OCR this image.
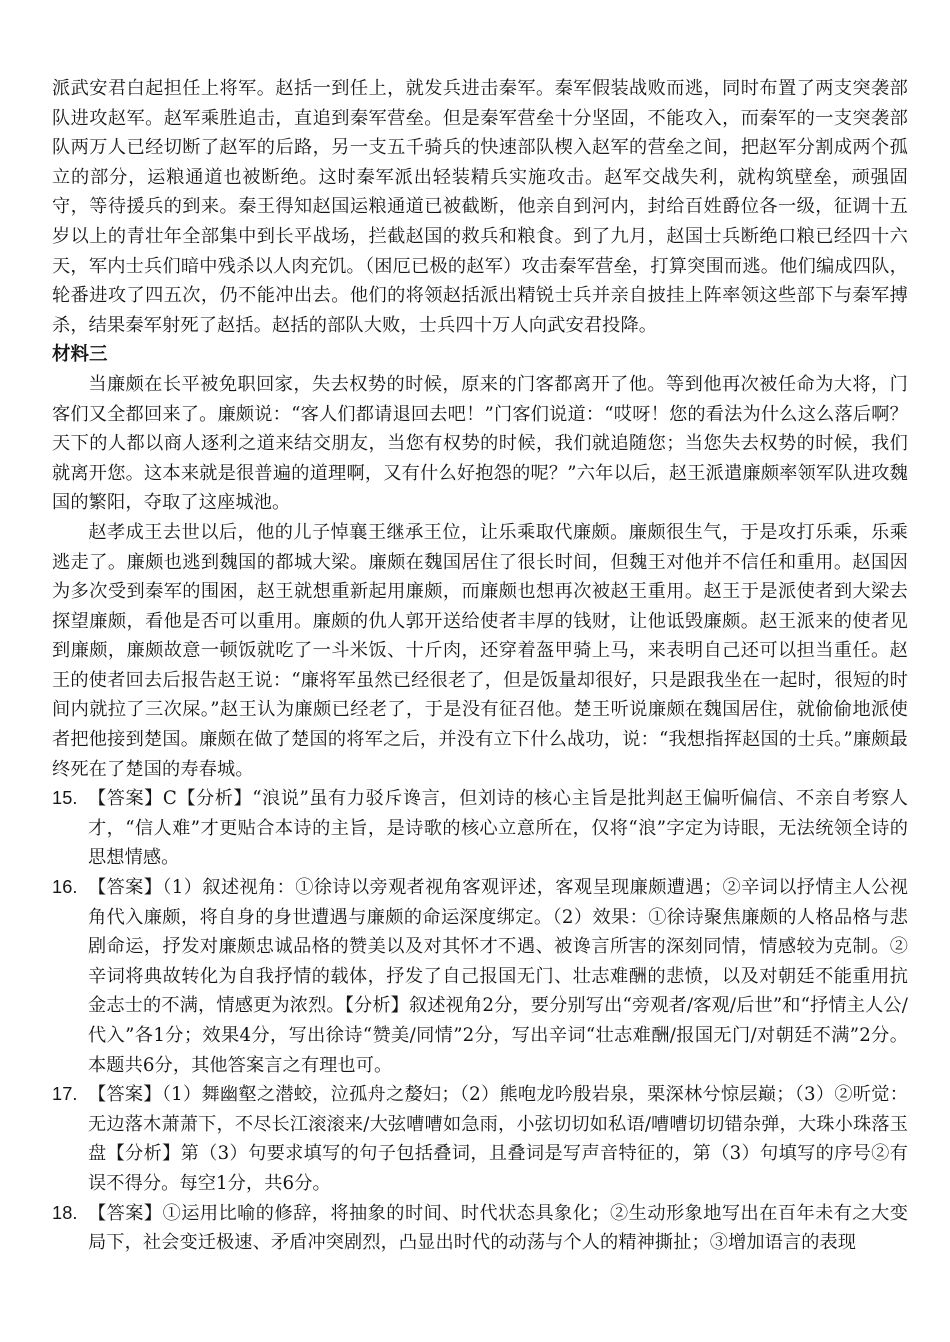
派武安君白起担任上将军。赵括一到任上，就发兵进击秦军。秦军假装战败而逃，同时布置了两支突袭部队进攻赵军。赵军乘胜追击，直追到秦军营垒。但是秦军营垒十分坚固，不能攻入，而秦军的一支突袭部队两万人已经切断了赵军的后路，另一支五千骑兵的快速部队楔入赵军的营垒之间，把赵军分割成两个孤立的部分，运粮通道也被断绝。这时秦军派出轻装精兵实施攻击。赵军交战失利，就构筑壁垒，顽强固守，等待援兵的到来。秦王得知赵国运粮通道已被截断，他亲自到河内，封给百姓爵位各一级，征调十五岁以上的青壮年全部集中到长平战场，拦截赵国的救兵和粮食。到了九月，赵国士兵断绝口粮已经四十六天，军内士兵们暗中残杀以人肉充饥。（困厄已极的赵军）攻击秦军营垒，打算突围而逃。他们编成四队，轮番进攻了四五次，仍不能冲出去。他们的将领赵括派出精锐士兵并亲自披挂上阵率领这些部下与秦军搏杀，结果秦军射死了赵括。赵括的部队大败，士兵四十万人向武安君投降。

材料三

当廉颇在长平被免职回家，失去权势的时候，原来的门客都离开了他。等到他再次被任命为大将，门客们又全都回来了。廉颇说：“客人们都请退回去吧！”门客们说道：“哎呀！您的看法为什么这么落后啊？天下的人都以商人逐利之道来结交朋友，当您有权势的时候，我们就追随您；当您失去权势的时候，我们就离开您。这本来就是很普遍的道理啊，又有什么好抱怨的呢？”六年以后，赵王派遣廉颇率领军队进攻魏国的繁阳，夺取了这座城池。

赵孝成王去世以后，他的儿子悼襄王继承王位，让乐乘取代廉颇。廉颇很生气，于是攻打乐乘，乐乘逃走了。廉颇也逃到魏国的都城大梁。廉颇在魏国居住了很长时间，但魏王对他并不信任和重用。赵国因为多次受到秦军的围困，赵王就想重新起用廉颇，而廉颇也想再次被赵王重用。赵王于是派使者到大梁去探望廉颇，看他是否可以重用。廉颇的仇人郭开送给使者丰厚的钱财，让他诋毁廉颇。赵王派来的使者见到廉颇，廉颇故意一顿饭就吃了一斗米饭、十斤肉，还穿着盔甲骑上马，来表明自己还可以担当重任。赵王的使者回去后报告赵王说：“廉将军虽然已经很老了，但是饭量却很好，只是跟我坐在一起时，很短的时间内就拉了三次屎。”赵王认为廉颇已经老了，于是没有征召他。楚王听说廉颇在魏国居住，就偷偷地派使者把他接到楚国。廉颇在做了楚国的将军之后，并没有立下什么战功，说：“我想指挥赵国的士兵。”廉颇最终死在了楚国的寿春城。

15. 【答案】C【分析】“浪说”虽有力驳斥谗言，但刘诗的核心主旨是批判赵王偏听偏信、不亲自考察人才，“信人难”才更贴合本诗的主旨，是诗歌的核心立意所在，仅将“浪”字定为诗眼，无法统领全诗的思想情感。
16. 【答案】（1）叙述视角：①徐诗以旁观者视角客观评述，客观呈现廉颇遭遇；②辛词以抒情主人公视角代入廉颇，将自身的身世遭遇与廉颇的命运深度绑定。（2）效果：①徐诗聚焦廉颇的人格品格与悲剧命运，抒发对廉颇忠诚品格的赞美以及对其怀才不遇、被谗言所害的深刻同情，情感较为克制。②辛词将典故转化为自我抒情的载体，抒发了自己报国无门、壮志难酬的悲愤，以及对朝廷不能重用抗金志士的不满，情感更为浓烈。【分析】叙述视角2分，要分别写出“旁观者/客观/后世”和“抒情主人公/代入”各1分；效果4分，写出徐诗“赞美/同情”2分，写出辛词“壮志难酬/报国无门/对朝廷不满”2分。本题共6分，其他答案言之有理也可。
17. 【答案】（1）舞幽壑之潜蛟，泣孤舟之嫠妇；（2）熊咆龙吟殷岩泉，栗深林兮惊层巅；（3）②听觉：无边落木萧萧下，不尽长江滚滚来/大弦嘈嘈如急雨，小弦切切如私语/嘈嘈切切错杂弹，大珠小珠落玉盘【分析】第（3）句要求填写的句子包括叠词，且叠词是写声音特征的，第（3）句填写的序号②有误不得分。每空1分，共6分。
18. 【答案】①运用比喻的修辞，将抽象的时间、时代状态具象化；②生动形象地写出在百年未有之大变局下，社会变迁极速、矛盾冲突剧烈，凸显出时代的动荡与个人的精神撕扯；③增加语言的表现
